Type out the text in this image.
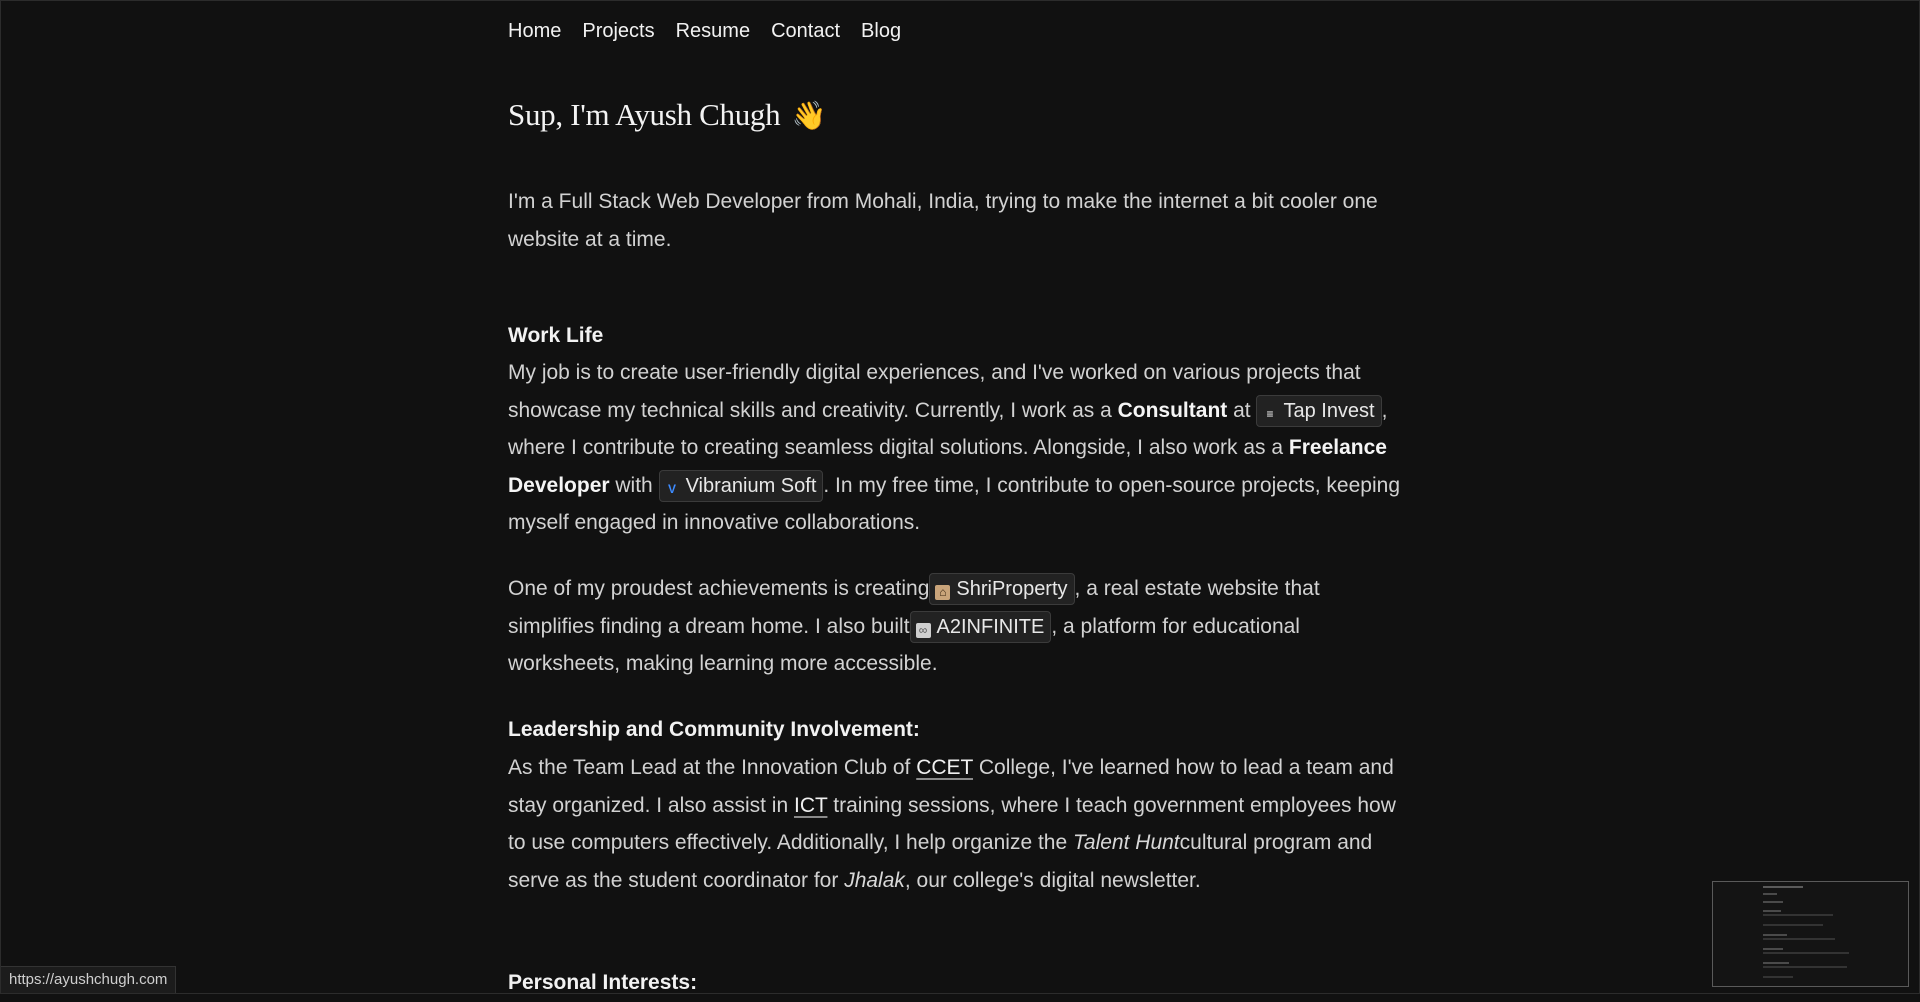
Home Projects Resume Contact Blog
Sup, I'm Ayush Chugh 👋

I'm a Full Stack Web Developer from Mohali, India, trying to make the internet a bit cooler one website at a time.

Work Life

My job is to create user-friendly digital experiences, and I've worked on various projects that showcase my technical skills and creativity. Currently, I work as a Consultant at ≡ Tap Invest , where I contribute to creating seamless digital solutions. Alongside, I also work as a Freelance Developer with V Vibranium Soft . In my free time, I contribute to open-source projects, keeping myself engaged in innovative collaborations.

One of my proudest achievements is creating ⌂ ShriProperty , a real estate website that simplifies finding a dream home. I also built ∞ A2INFINITE , a platform for educational worksheets, making learning more accessible.

Leadership and Community Involvement:

As the Team Lead at the Innovation Club of CCET College, I've learned how to lead a team and stay organized. I also assist in ICT training sessions, where I teach government employees how to use computers effectively. Additionally, I help organize the Talent Huntcultural program and serve as the student coordinator for Jhalak, our college's digital newsletter.

Personal Interests:
https://ayushchugh.com
